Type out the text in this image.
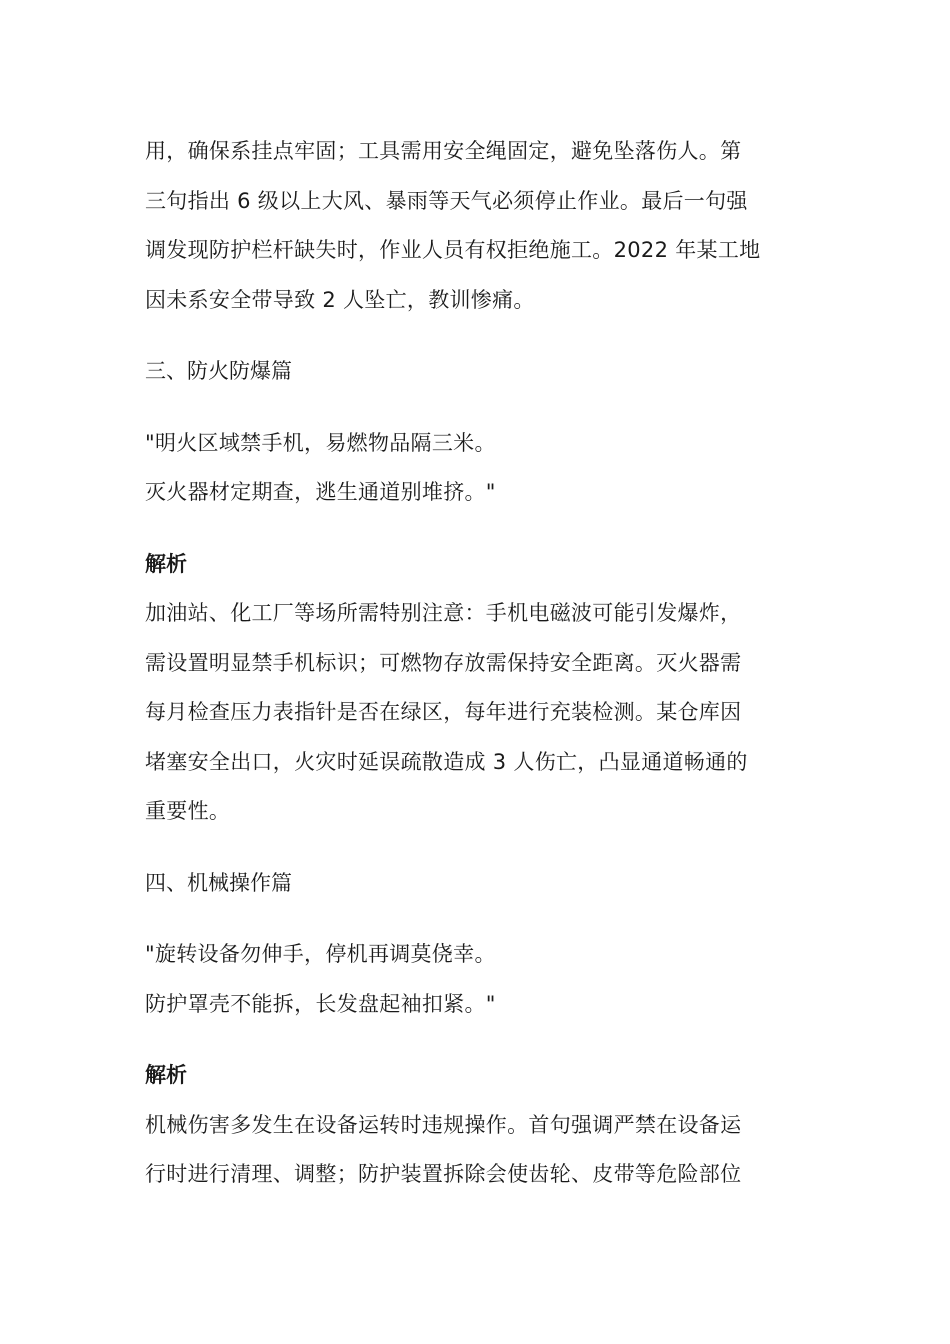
用，确保系挂点牢固；工具需用安全绳固定，避免坠落伤人。第
三句指出 6 级以上大风、暴雨等天气必须停止作业。最后一句强
调发现防护栏杆缺失时，作业人员有权拒绝施工。2022 年某工地
因未系安全带导致 2 人坠亡，教训惨痛。

三、防火防爆篇

"明火区域禁手机，易燃物品隔三米。
灭火器材定期查，逃生通道别堆挤。"

解析

加油站、化工厂等场所需特别注意：手机电磁波可能引发爆炸，
需设置明显禁手机标识；可燃物存放需保持安全距离。灭火器需
每月检查压力表指针是否在绿区，每年进行充装检测。某仓库因
堵塞安全出口，火灾时延误疏散造成 3 人伤亡，凸显通道畅通的
重要性。

四、机械操作篇

"旋转设备勿伸手，停机再调莫侥幸。
防护罩壳不能拆，长发盘起袖扣紧。"

解析

机械伤害多发生在设备运转时违规操作。首句强调严禁在设备运
行时进行清理、调整；防护装置拆除会使齿轮、皮带等危险部位
